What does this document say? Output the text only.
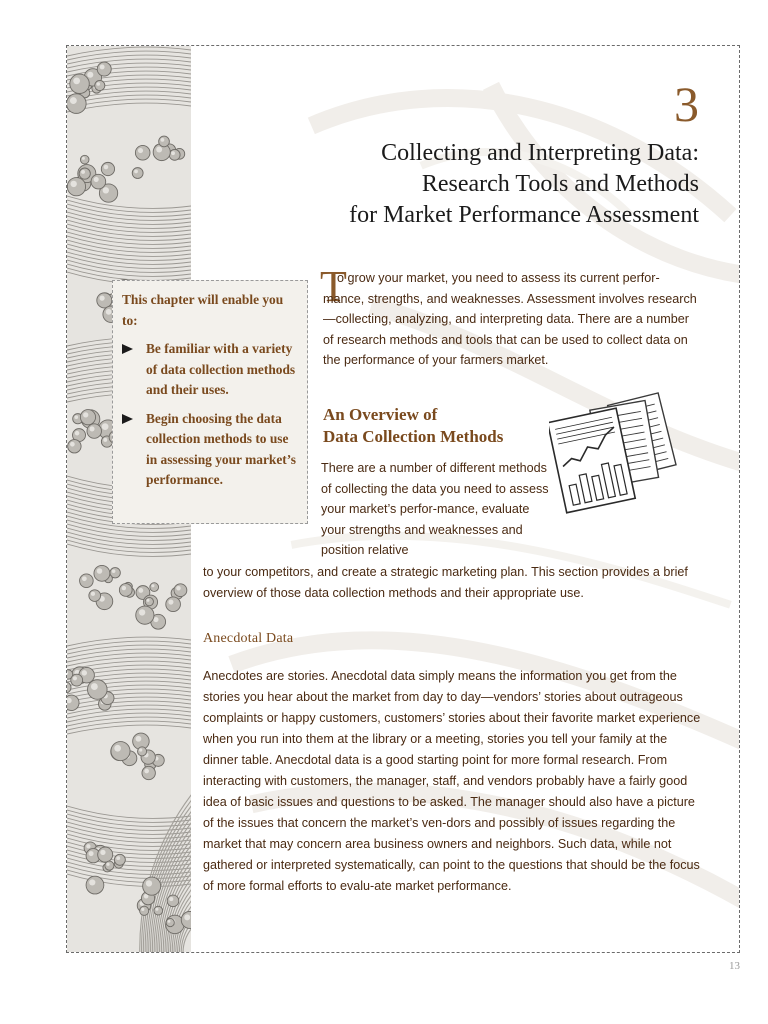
3
Collecting and Interpreting Data:
Research Tools and Methods
for Market Performance Assessment

This chapter will enable you to:

Be familiar with a variety of data collection methods and their uses.
Begin choosing the data collection methods to use in assessing your market’s performance.
T
o grow your market, you need to assess its current perfor-mance, strengths, and weaknesses. Assessment involves research—collecting, analyzing, and interpreting data. There are a number of research methods and tools that can be used to collect data on the performance of your farmers market.
An Overview of
Data Collection Methods
There are a number of different methods of collecting the data you need to assess your market’s perfor-mance, evaluate your strengths and weaknesses and position relative
to your competitors, and create a strategic marketing plan. This section provides a brief overview of those data collection methods and their appropriate use.
Anecdotal Data
Anecdotes are stories. Anecdotal data simply means the information you get from the stories you hear about the market from day to day—vendors’ stories about outrageous complaints or happy customers, customers’ stories about their favorite market experience when you run into them at the library or a meeting, stories you tell your family at the dinner table. Anecdotal data is a good starting point for more formal research. From interacting with customers, the manager, staff, and vendors probably have a fairly good idea of basic issues and questions to be asked. The manager should also have a picture of the issues that concern the market’s ven-dors and possibly of issues regarding the market that may concern area business owners and neighbors. Such data, while not gathered or interpreted systematically, can point to the questions that should be the focus of more formal efforts to evalu-ate market performance.
13
